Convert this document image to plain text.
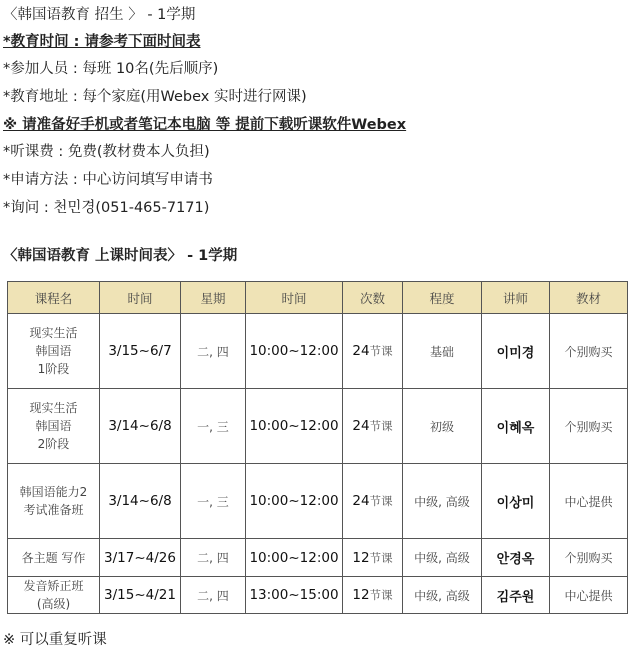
〈韩国语教育 招生 〉 - 1学期
*教育时间 : 请参考下面时间表
*参加人员 : 每班 10名(先后顺序)
*教育地址 : 每个家庭(用Webex 实时进行网课)
※ 请准备好手机或者笔记本电脑 等 提前下载听课软件Webex
*听课费 : 免费(教材费本人负担)
*申请方法 : 中心访问填写申请书
*询问 : 천민경(051-465-7171)
〈韩国语教育 上课时间表〉 - 1学期
课程名	时间	星期	时间	次数	程度	讲师	教材
现实生活
韩国语
1阶段	3/15~6/7	二, 四	10:00~12:00	24节课	基础	이미경	个别购买
现实生活
韩国语
2阶段	3/14~6/8	一, 三	10:00~12:00	24节课	初级	이혜옥	个别购买
韩国语能力2
考试准备班	3/14~6/8	一, 三	10:00~12:00	24节课	中级, 高级	이상미	中心提供
各主题 写作	3/17~4/26	二, 四	10:00~12:00	12节课	中级, 高级	안경옥	个别购买
发音矫正班
(高级)	3/15~4/21	二, 四	13:00~15:00	12节课	中级, 高级	김주원	中心提供
※ 可以重复听课
